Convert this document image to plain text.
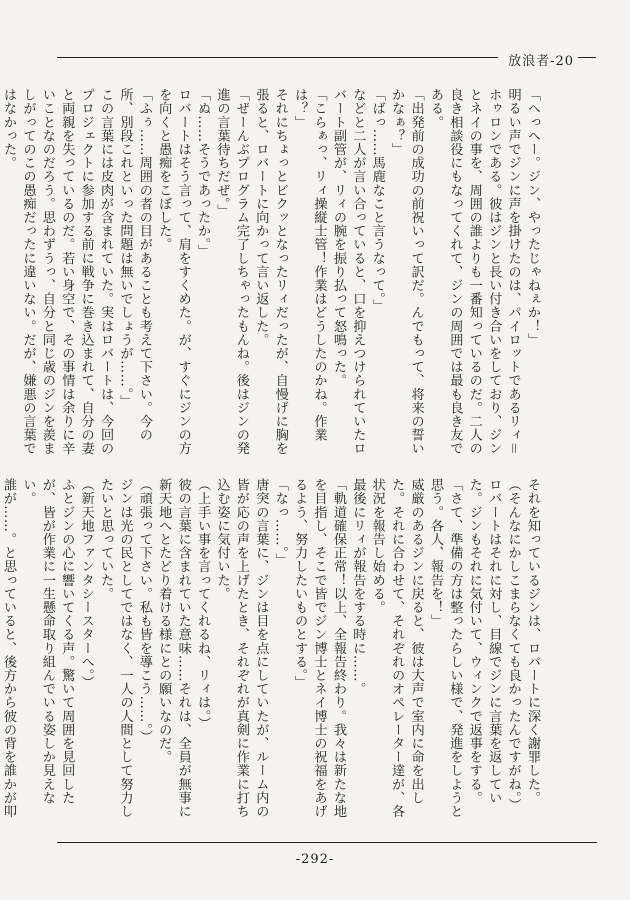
放浪者-20

「へっへー。ジン、やったじゃねぇか！」

明るい声でジンに声を掛けたのは、パイロットであるリィ＝ホゥロンである。彼はジンと長い付き合いをしており、ジンとネイの事を、周囲の誰よりも一番知っているのだ。二人の良き相談役にもなってくれて、ジンの周囲では最も良き友である。

「出発前の成功の前祝いって訳だ。んでもって、将来の誓いかなぁ？」

「ばっ……馬鹿なこと言うなって。」

などと二人が言い合っていると、口を抑えつけられていたロバート副管が、リィの腕を振り払って怒鳴った。

「こらぁっ、リィ操縦士管！作業はどうしたのかね。作業は？」

それにちょっとビクッとなったリィだったが、自慢げに胸を張ると、ロバートに向かって言い返した。

「ぜーんぶプログラム完了しちゃったもんね。後はジンの発進の言葉待ちだぜ。」

「ぬ……そうであったか。」

ロバートはそう言って、肩をすくめた。が、すぐにジンの方を向くと愚痴をこぼした。

「ふぅ……周囲の者の目があることも考えて下さい。今の所、別段これといった問題は無いでしょうが……。」

この言葉には皮肉が含まれていた。実はロバートは、今回のプロジェクトに参加する前に戦争に巻き込まれて、自分の妻と両親を失っているのだ。若い身空で、その事情は余りに辛いことなのだろう。思わずうっ、自分と同じ歳のジンを羨ましがってのこの愚痴だったに違いない。だが、嫌悪の言葉ではなかった。

それを知っているジンは、ロバートに深く謝罪した。

（そんなにかしこまらなくても良かったんですがね。）

ロバートはそれに対し、目線でジンに言葉を返していた。ジンもそれに気付いて、ウィンクで返事をする。

「さて、準備の方は整ったらしい様で、発進をしようと思う。各人、報告を！」

威厳のあるジンに戻ると、彼は大声で室内に命を出した。それに合わせて、それぞれのオペレーター達が、各状況を報告し始める。

最後にリィが報告をする時に……。

「軌道確保正常！以上、全報告終わり。我々は新たな地を目指し、そこで皆でジン博士とネイ博士の祝福をあげるよう、努力したいものとする。」

「なっ……。」

唐突の言葉に、ジンは目を点にしていたが、ルーム内の皆が応の声を上げたとき、それぞれが真剣に作業に打ち込む姿に気付いた。

（上手い事を言ってくれるね、リィは。）

彼の言葉に含まれていた意味……それは、全員が無事に新天地へとたどり着ける様にとの願いなのだ。

（頑張って下さい。私も皆を導こう……。）

ジンは光の民としてではなく、一人の人間として努力したいと思っていた。

（新天地ファンタシースターへ。）

ふとジンの心に響いてくる声。驚いて周囲を見回したが、皆が作業に一生懸命取り組んでいる姿しか見えない。

誰が……。と思っていると、後方から彼の背を誰かが叩

-292-
